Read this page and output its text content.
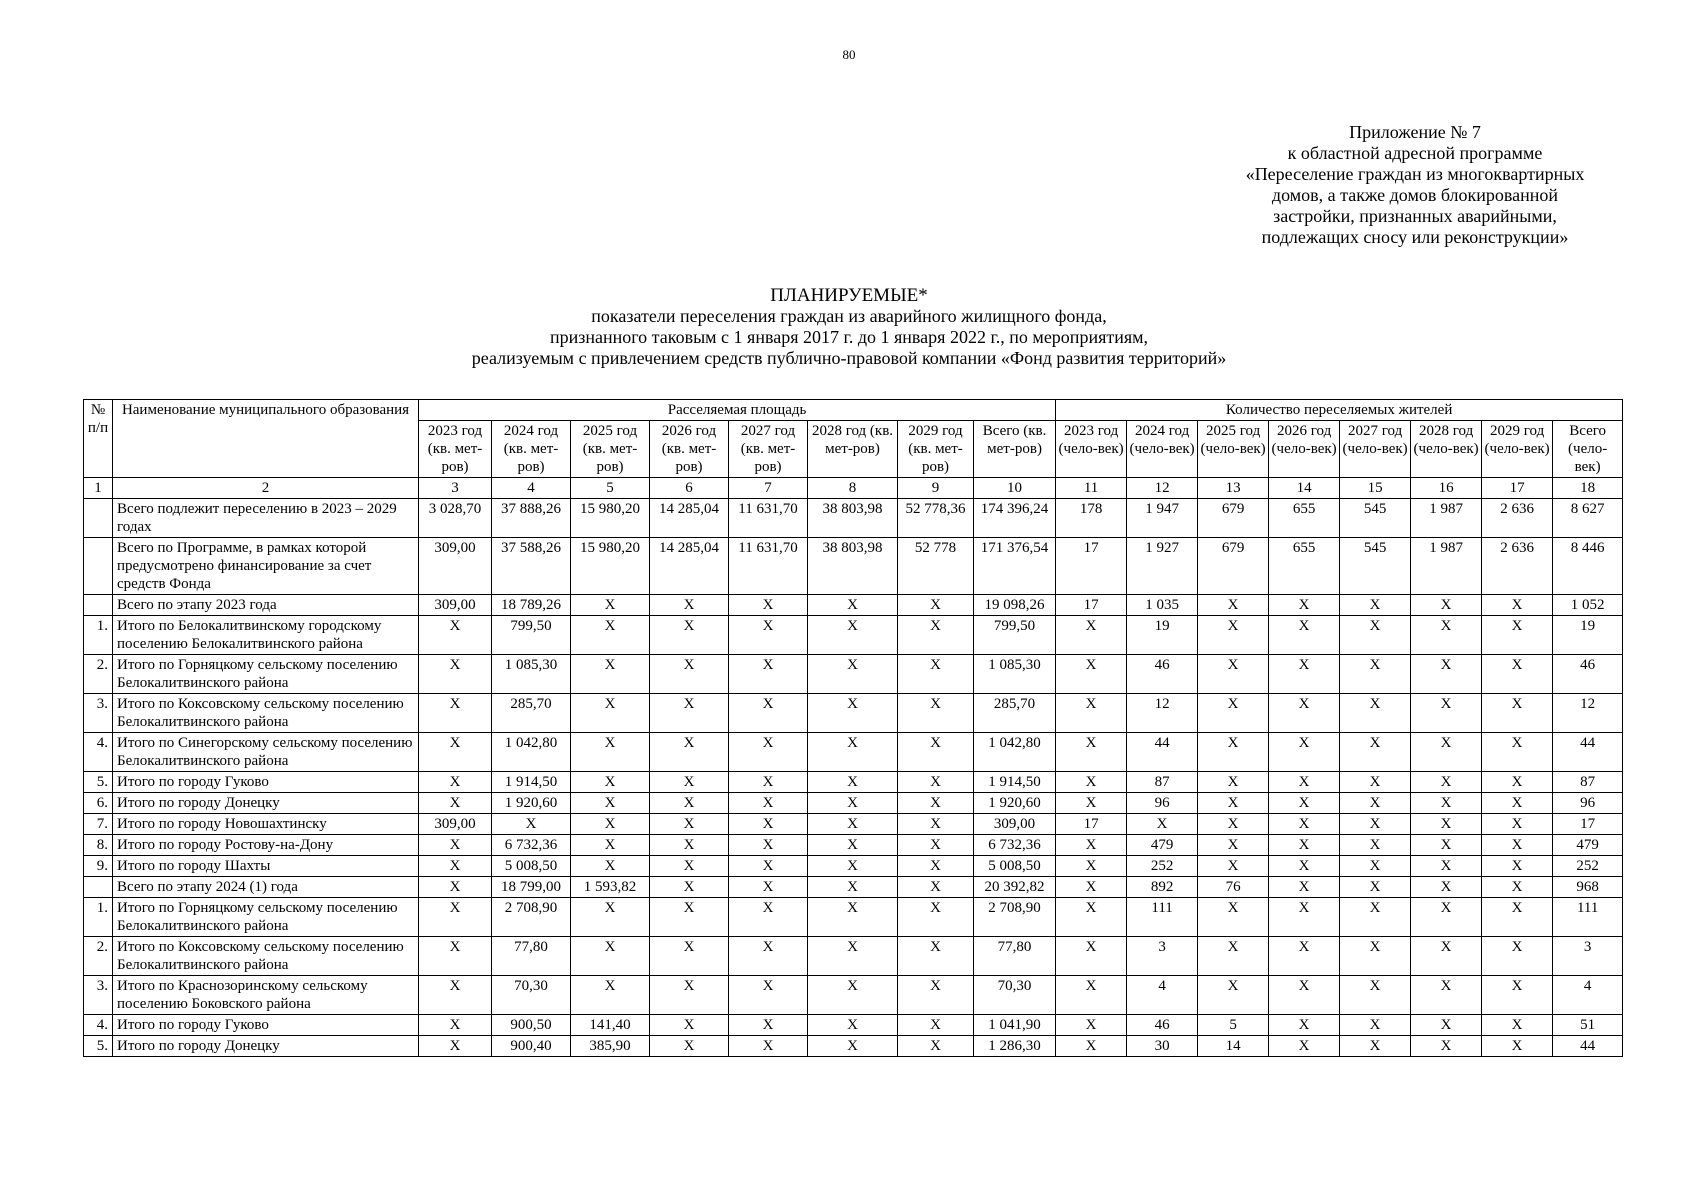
80
Приложение № 7
к областной адресной программе
«Переселение граждан из многоквартирных
домов, а также домов блокированной
застройки, признанных аварийными,
подлежащих сносу или реконструкции»
ПЛАНИРУЕМЫЕ*
показатели переселения граждан из аварийного жилищного фонда,
признанного таковым с 1 января 2017 г. до 1 января 2022 г., по мероприятиям,
реализуемым с привлечением средств публично-правовой компании «Фонд развития территорий»
№ п/п	Наименование муниципального образования	Расселяемая площадь								Количество переселяемых жителей							
		2023 год (кв. мет-ров)	2024 год (кв. мет-ров)	2025 год (кв. мет-ров)	2026 год (кв. мет-ров)	2027 год (кв. мет-ров)	2028 год (кв. мет-ров)	2029 год (кв. мет-ров)	Всего (кв. мет-ров)	2023 год (чело-век)	2024 год (чело-век)	2025 год (чело-век)	2026 год (чело-век)	2027 год (чело-век)	2028 год (чело-век)	2029 год (чело-век)	Всего (чело-век)
1	2	3	4	5	6	7	8	9	10	11	12	13	14	15	16	17	18
	Всего подлежит переселению в 2023 – 2029 годах	3 028,70	37 888,26	15 980,20	14 285,04	11 631,70	38 803,98	52 778,36	174 396,24	178	1 947	679	655	545	1 987	2 636	8 627
	Всего по Программе, в рамках которой предусмотрено финансирование за счет средств Фонда	309,00	37 588,26	15 980,20	14 285,04	11 631,70	38 803,98	52 778	171 376,54	17	1 927	679	655	545	1 987	2 636	8 446
	Всего по этапу 2023 года	309,00	18 789,26	X	X	X	X	X	19 098,26	17	1 035	X	X	X	X	X	1 052
1.	Итого по Белокалитвинскому городскому поселению Белокалитвинского района	X	799,50	X	X	X	X	X	799,50	X	19	X	X	X	X	X	19
2.	Итого по Горняцкому сельскому поселению Белокалитвинского района	X	1 085,30	X	X	X	X	X	1 085,30	X	46	X	X	X	X	X	46
3.	Итого по Коксовскому сельскому поселению Белокалитвинского района	X	285,70	X	X	X	X	X	285,70	X	12	X	X	X	X	X	12
4.	Итого по Синегорскому сельскому поселению Белокалитвинского района	X	1 042,80	X	X	X	X	X	1 042,80	X	44	X	X	X	X	X	44
5.	Итого по городу Гуково	X	1 914,50	X	X	X	X	X	1 914,50	X	87	X	X	X	X	X	87
6.	Итого по городу Донецку	X	1 920,60	X	X	X	X	X	1 920,60	X	96	X	X	X	X	X	96
7.	Итого по городу Новошахтинску	309,00	X	X	X	X	X	X	309,00	17	X	X	X	X	X	X	17
8.	Итого по городу Ростову-на-Дону	X	6 732,36	X	X	X	X	X	6 732,36	X	479	X	X	X	X	X	479
9.	Итого по городу Шахты	X	5 008,50	X	X	X	X	X	5 008,50	X	252	X	X	X	X	X	252
	Всего по этапу 2024 (1) года	X	18 799,00	1 593,82	X	X	X	X	20 392,82	X	892	76	X	X	X	X	968
1.	Итого по Горняцкому сельскому поселению Белокалитвинского района	X	2 708,90	X	X	X	X	X	2 708,90	X	111	X	X	X	X	X	111
2.	Итого по Коксовскому сельскому поселению Белокалитвинского района	X	77,80	X	X	X	X	X	77,80	X	3	X	X	X	X	X	3
3.	Итого по Краснозоринскому сельскому поселению Боковского района	X	70,30	X	X	X	X	X	70,30	X	4	X	X	X	X	X	4
4.	Итого по городу Гуково	X	900,50	141,40	X	X	X	X	1 041,90	X	46	5	X	X	X	X	51
5.	Итого по городу Донецку	X	900,40	385,90	X	X	X	X	1 286,30	X	30	14	X	X	X	X	44
